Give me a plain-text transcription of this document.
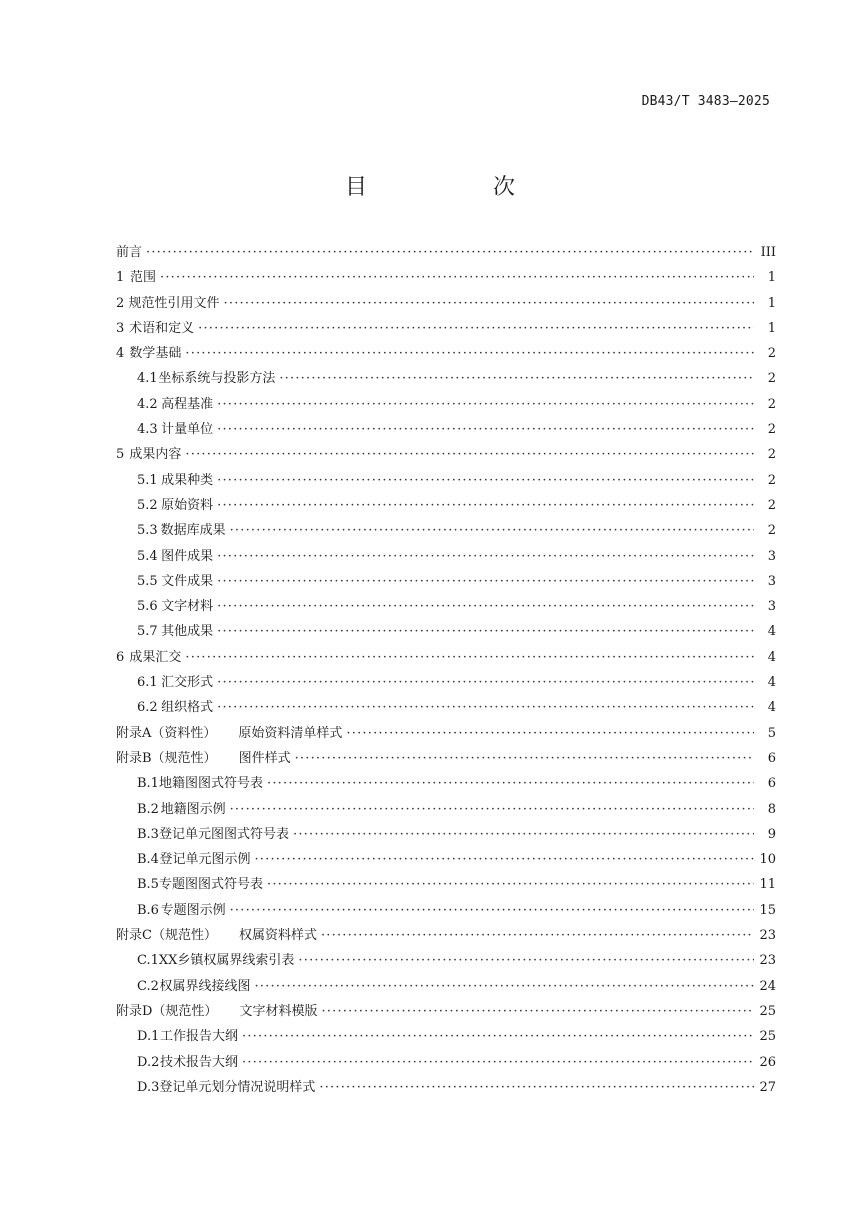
DB43/T 3483—2025
目　次
前言 ·····	III
1 范围 ·····	1
2 规范性引用文件 ·····	1
3 术语和定义 ·····	1
4 数学基础 ·····	2
4.1 坐标系统与投影方法 ·····	2
4.2 高程基准 ·····	2
4.3 计量单位 ·····	2
5 成果内容 ·····	2
5.1 成果种类 ·····	2
5.2 原始资料 ·····	2
5.3 数据库成果 ·····	2
5.4 图件成果 ·····	3
5.5 文件成果 ·····	3
5.6 文字材料 ·····	3
5.7 其他成果 ·····	4
6 成果汇交 ·····	4
6.1 汇交形式 ·····	4
6.2 组织格式 ·····	4
附录A（资料性） 原始资料清单样式 ·····	5
附录B（规范性） 图件样式 ·····	6
B.1 地籍图图式符号表 ·····	6
B.2 地籍图示例 ·····	8
B.3 登记单元图图式符号表 ·····	9
B.4 登记单元图示例 ·····	10
B.5 专题图图式符号表 ·····	11
B.6 专题图示例 ·····	15
附录C（规范性） 权属资料样式 ·····	23
C.1 XX乡镇权属界线索引表 ·····	23
C.2 权属界线接线图 ·····	24
附录D（规范性） 文字材料模版 ·····	25
D.1 工作报告大纲 ·····	25
D.2 技术报告大纲 ·····	26
D.3 登记单元划分情况说明样式 ·····	27
